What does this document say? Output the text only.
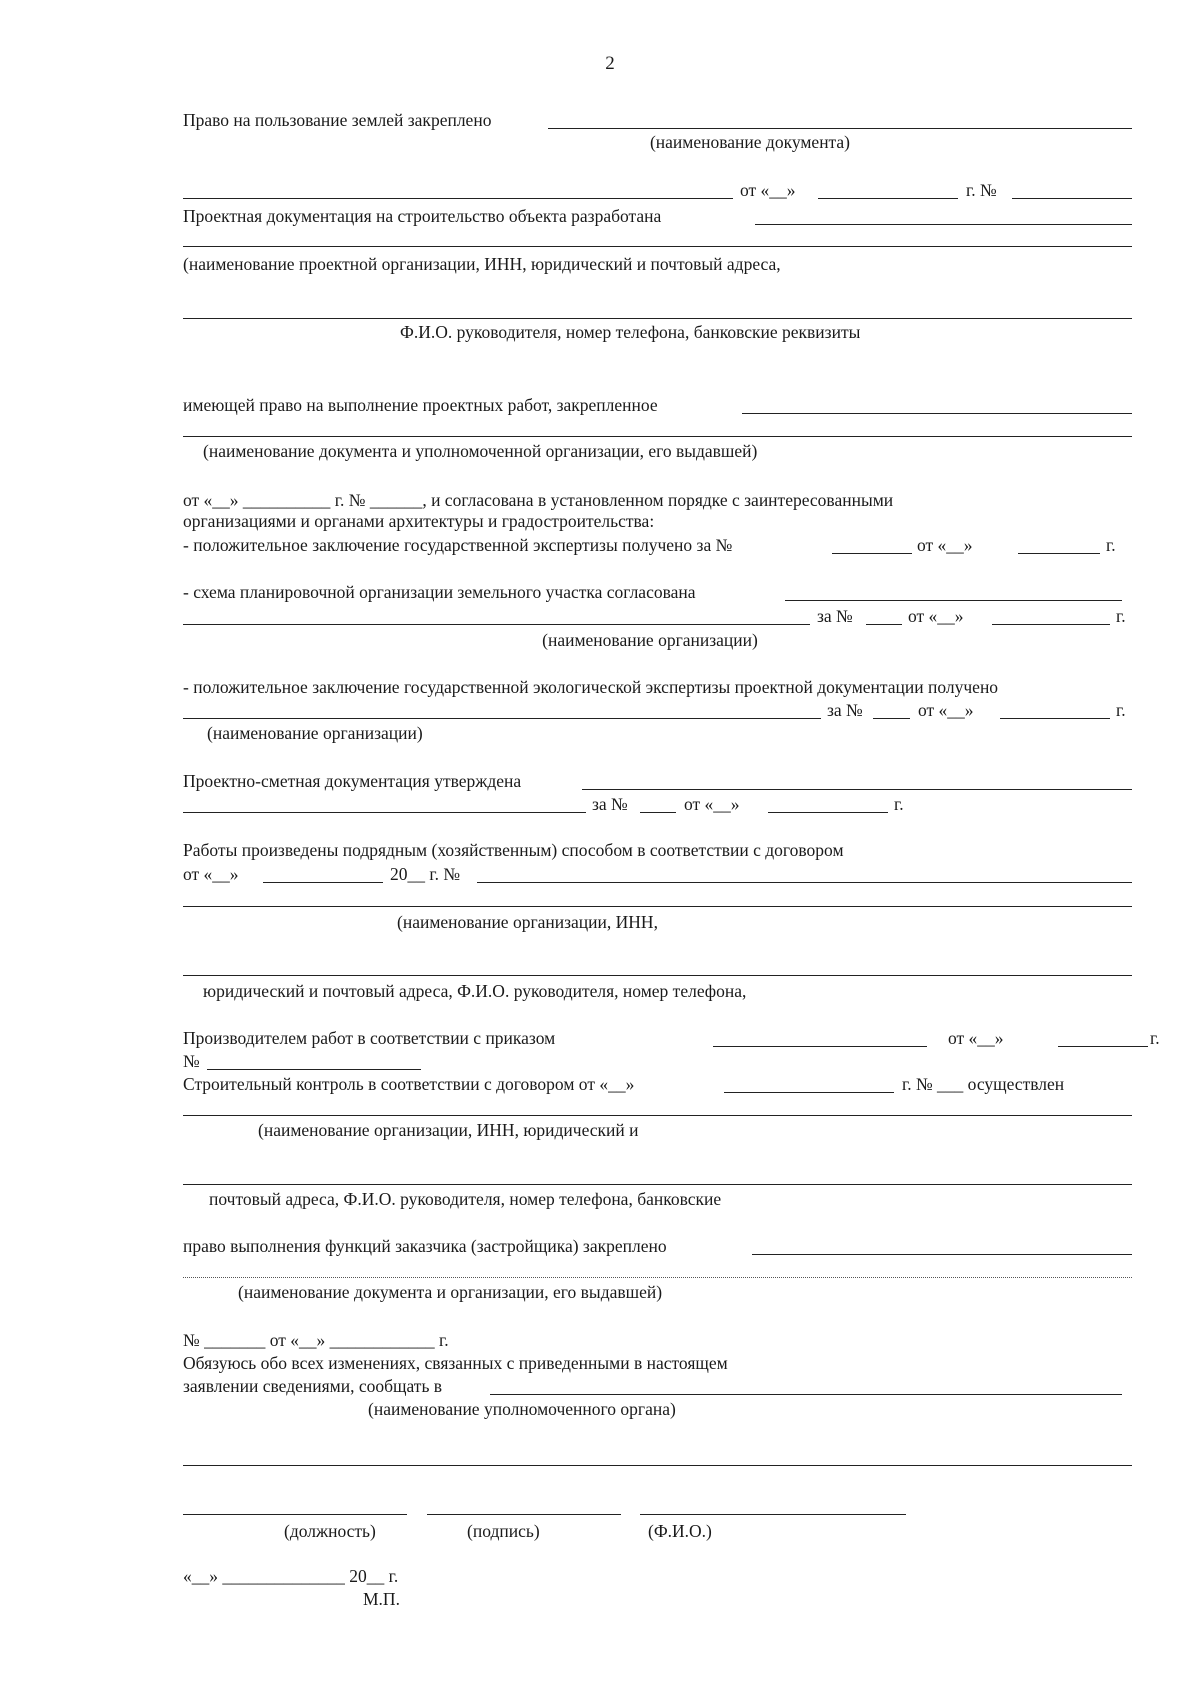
2
Право на пользование землей закреплено
(наименование документа)
от «__»	г. №
Проектная документация на строительство объекта разработана
(наименование проектной организации, ИНН, юридический и почтовый адреса,
Ф.И.О. руководителя, номер телефона, банковские реквизиты
имеющей право на выполнение проектных работ, закрепленное
(наименование документа и уполномоченной организации, его выдавшей)
от «__» __________ г. № ______, и согласована в установленном порядке с заинтересованными
организациями и органами архитектуры и градостроительства:
- положительное заключение государственной экспертизы получено за №	от «__»	г.
- схема планировочной организации земельного участка согласована
за №	от «__»	г.
(наименование организации)
- положительное заключение государственной экологической экспертизы проектной документации получено
за №	от «__»	г.
(наименование организации)
Проектно-сметная документация утверждена
за №	от «__»	г.
Работы произведены подрядным (хозяйственным) способом в соответствии с договором
от «__»	20__ г. №
(наименование организации, ИНН,
юридический и почтовый адреса, Ф.И.О. руководителя, номер телефона,
Производителем работ в соответствии с приказом	от «__»	г.
№
Строительный контроль в соответствии с договором от «__»	г. № ___ осуществлен
(наименование организации, ИНН, юридический и
почтовый адреса, Ф.И.О. руководителя, номер телефона, банковские
право выполнения функций заказчика (застройщика) закреплено
(наименование документа и организации, его выдавшей)
№ _______ от «__» ____________ г.
Обязуюсь обо всех изменениях, связанных с приведенными в настоящем
заявлении сведениями, сообщать в
(наименование уполномоченного органа)
(должность)	(подпись)	(Ф.И.О.)
«__» ______________ 20__ г.
М.П.
